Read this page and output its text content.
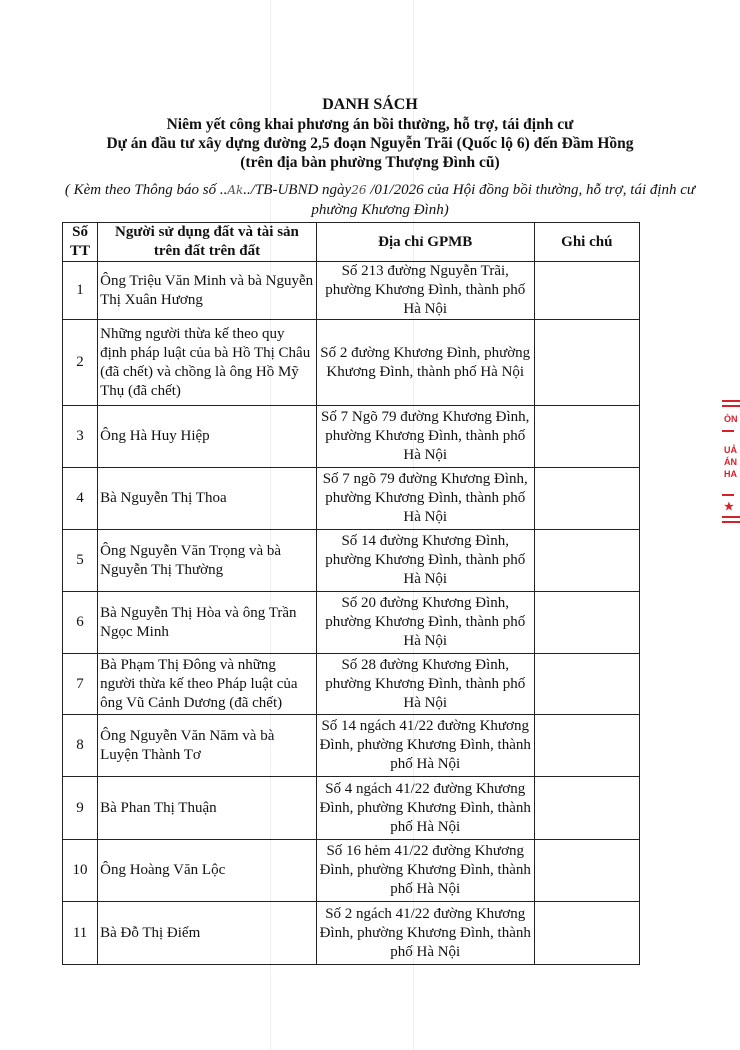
DANH SÁCH
Niêm yết công khai phương án bồi thường, hỗ trợ, tái định cư
Dự án đầu tư xây dựng đường 2,5 đoạn Nguyễn Trãi (Quốc lộ 6) đến Đầm Hồng
(trên địa bàn phường Thượng Đình cũ)
( Kèm theo Thông báo số ..Ak../TB-UBND ngày26 /01/2026 của Hội đồng bồi thường, hỗ trợ, tái định cư phường Khương Đình)
Số TT	Người sử dụng đất và tài sản trên đất trên đất	Địa chỉ GPMB	Ghi chú
1	Ông Triệu Văn Minh và bà Nguyễn Thị Xuân Hương	Số 213 đường Nguyễn Trãi, phường Khương Đình, thành phố Hà Nội	
2	Những người thừa kế theo quy định pháp luật của bà Hồ Thị Châu (đã chết) và chồng là ông Hồ Mỹ Thụ (đã chết)	Số 2 đường Khương Đình, phường Khương Đình, thành phố Hà Nội	
3	Ông Hà Huy Hiệp	Số 7 Ngõ 79 đường Khương Đình, phường Khương Đình, thành phố Hà Nội	
4	Bà Nguyễn Thị Thoa	Số 7 ngõ 79 đường Khương Đình, phường Khương Đình, thành phố Hà Nội	
5	Ông Nguyễn Văn Trọng và bà Nguyễn Thị Thường	Số 14 đường Khương Đình, phường Khương Đình, thành phố Hà Nội	
6	Bà Nguyễn Thị Hòa và ông Trần Ngọc Minh	Số 20 đường Khương Đình, phường Khương Đình, thành phố Hà Nội	
7	Bà Phạm Thị Đông và những người thừa kế theo Pháp luật của ông Vũ Cảnh Dương (đã chết)	Số 28 đường Khương Đình, phường Khương Đình, thành phố Hà Nội	
8	Ông Nguyễn Văn Năm và bà Luyện Thành Tơ	Số 14 ngách 41/22 đường Khương Đình, phường Khương Đình, thành phố Hà Nội	
9	Bà Phan Thị Thuận	Số 4 ngách 41/22 đường Khương Đình, phường Khương Đình, thành phố Hà Nội	
10	Ông Hoàng Văn Lộc	Số 16 hẻm 41/22 đường Khương Đình, phường Khương Đình, thành phố Hà Nội	
11	Bà Đỗ Thị Điểm	Số 2 ngách 41/22 đường Khương Đình, phường Khương Đình, thành phố Hà Nội	
ÒN
UẢ
ÁN
HA
★
